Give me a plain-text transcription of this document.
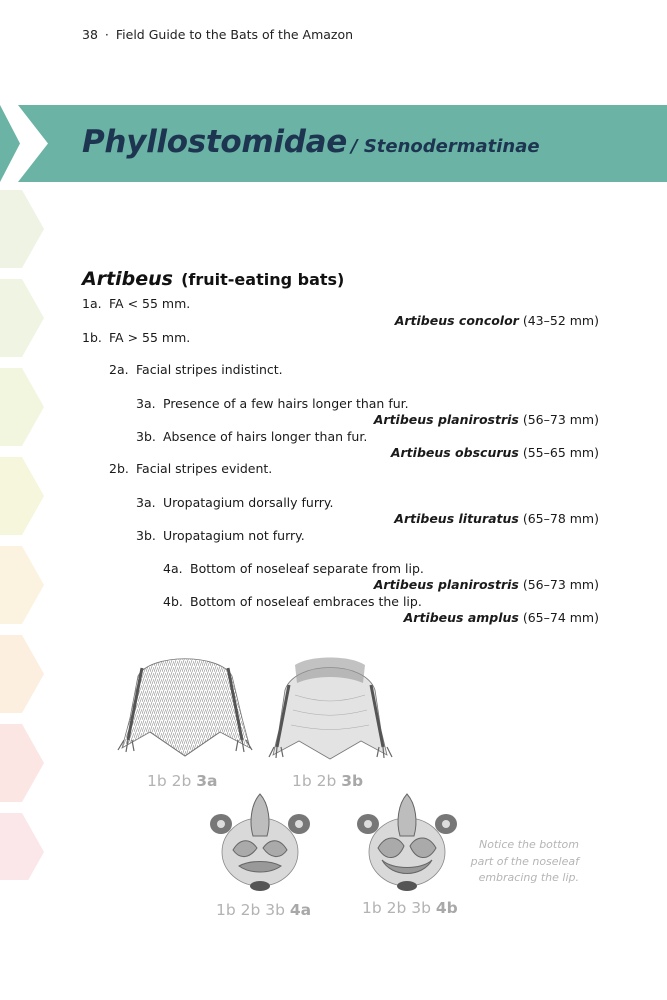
38 · Field Guide to the Bats of the Amazon
Phyllostomidae / Stenodermatinae
Artibeus (fruit-eating bats)
1a. FA < 55 mm.
Artibeus concolor (43–52 mm)
1b. FA > 55 mm.
2a. Facial stripes indistinct.
3a. Presence of a few hairs longer than fur.
Artibeus planirostris (56–73 mm)
3b. Absence of hairs longer than fur.
Artibeus obscurus (55–65 mm)
2b. Facial stripes evident.
3a. Uropatagium dorsally furry.
Artibeus lituratus (65–78 mm)
3b. Uropatagium not furry.
4a. Bottom of noseleaf separate from lip.
Artibeus planirostris (56–73 mm)
4b. Bottom of noseleaf embraces the lip.
Artibeus amplus (65–74 mm)
1b 2b 3a	1b 2b 3b
1b 2b 3b 4a	1b 2b 3b 4b
Notice the bottom
part of the noseleaf
embracing the lip.
